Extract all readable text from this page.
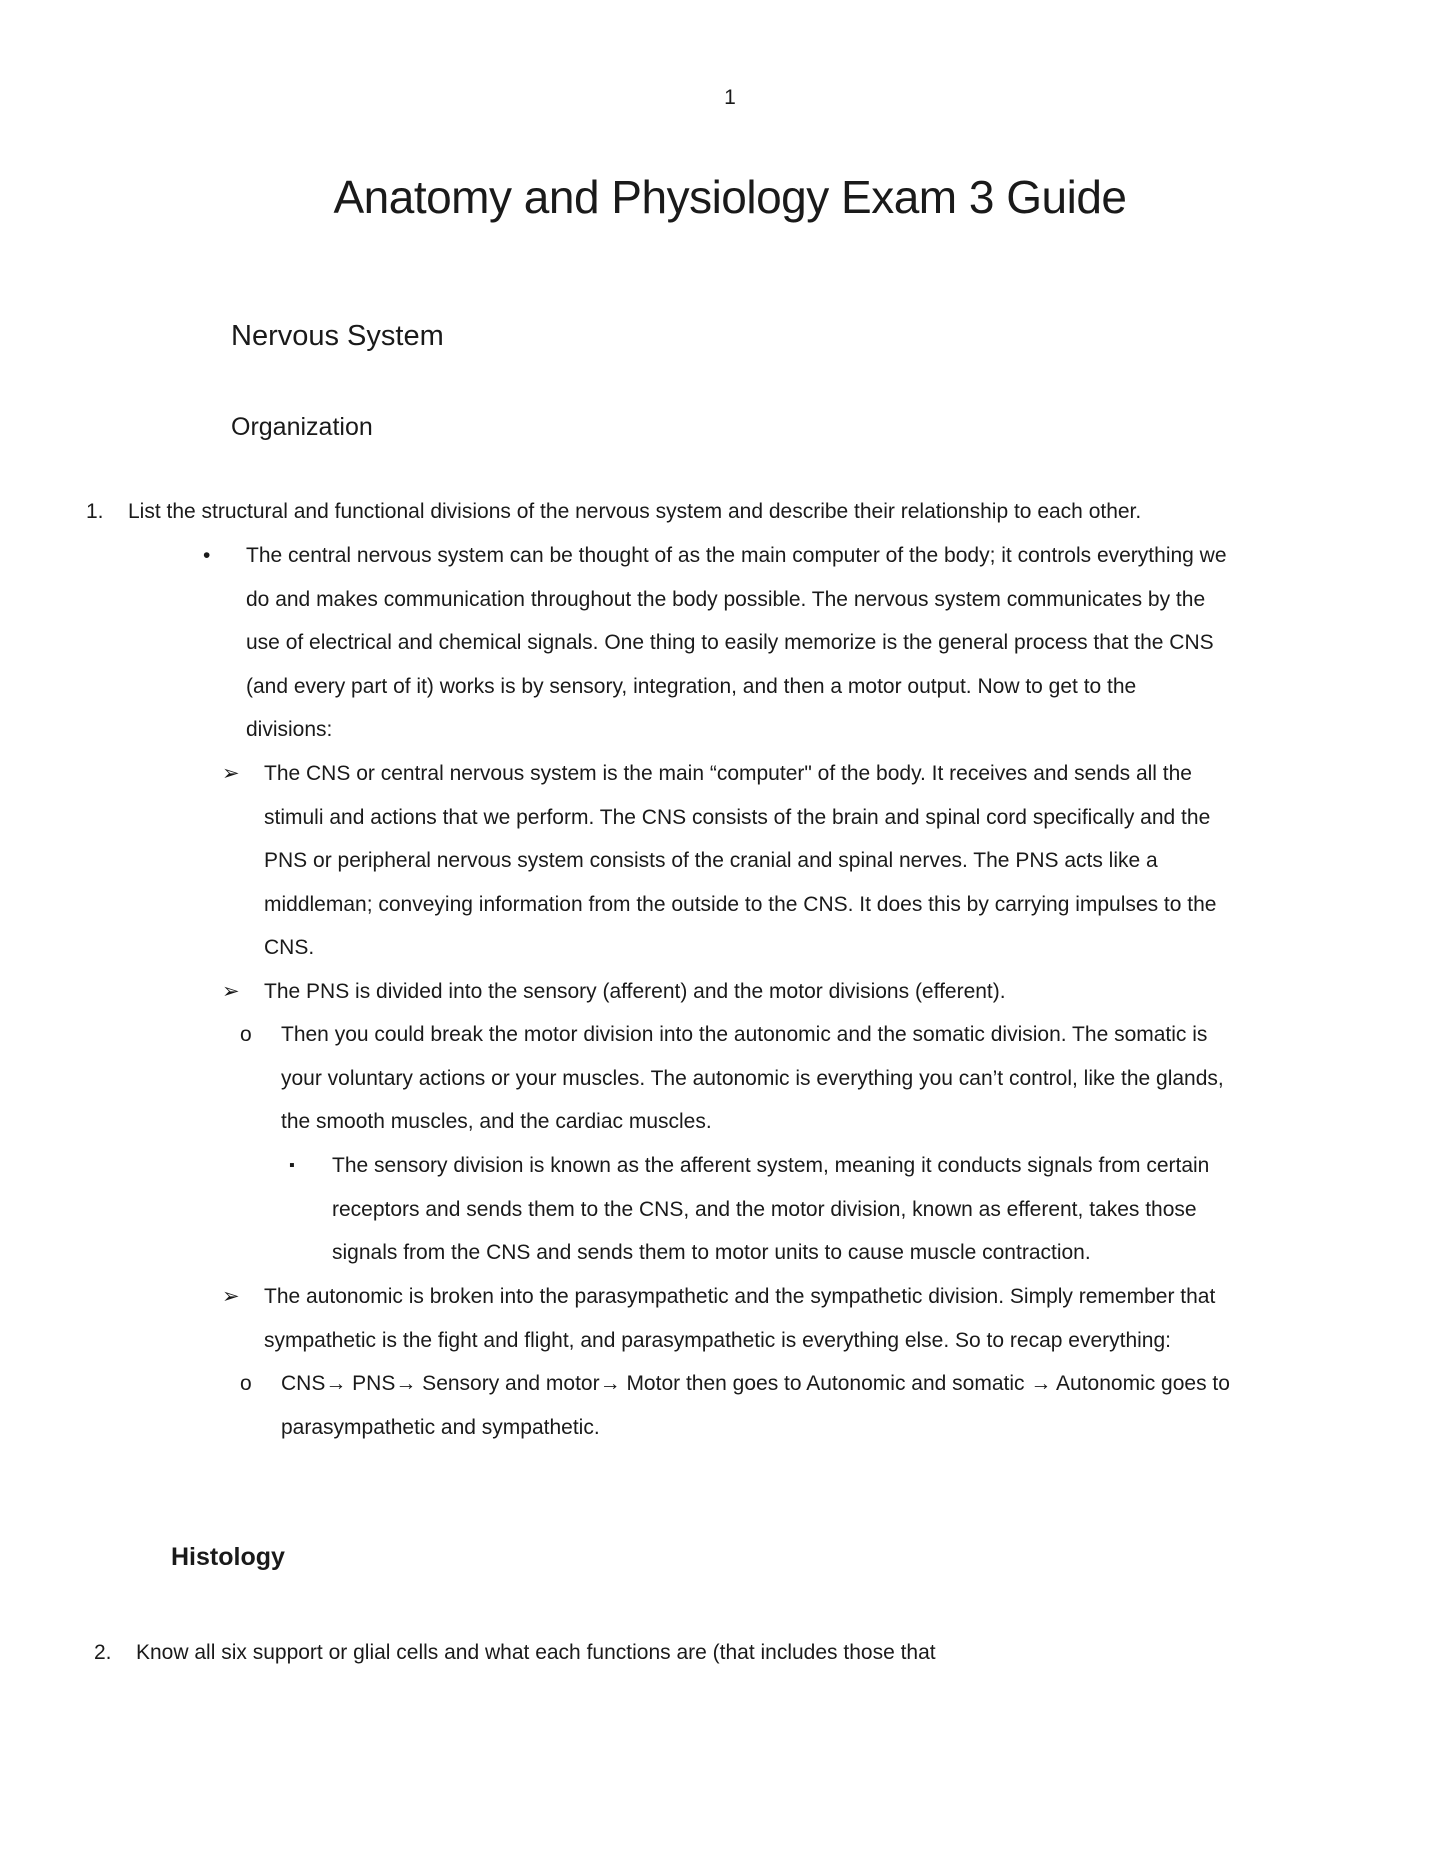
1
Anatomy and Physiology Exam 3 Guide
Nervous System
Organization
1. List the structural and functional divisions of the nervous system and describe their relationship to each other.
• The central nervous system can be thought of as the main computer of the body; it controls everything we
do and makes communication throughout the body possible. The nervous system communicates by the
use of electrical and chemical signals. One thing to easily memorize is the general process that the CNS
(and every part of it) works is by sensory, integration, and then a motor output. Now to get to the
divisions:
➢ The CNS or central nervous system is the main “computer" of the body. It receives and sends all the
stimuli and actions that we perform. The CNS consists of the brain and spinal cord specifically and the
PNS or peripheral nervous system consists of the cranial and spinal nerves. The PNS acts like a
middleman; conveying information from the outside to the CNS. It does this by carrying impulses to the
CNS.
➢ The PNS is divided into the sensory (afferent) and the motor divisions (efferent).
o Then you could break the motor division into the autonomic and the somatic division. The somatic is
your voluntary actions or your muscles. The autonomic is everything you can’t control, like the glands,
the smooth muscles, and the cardiac muscles.
▪ The sensory division is known as the afferent system, meaning it conducts signals from certain
receptors and sends them to the CNS, and the motor division, known as efferent, takes those
signals from the CNS and sends them to motor units to cause muscle contraction.
➢ The autonomic is broken into the parasympathetic and the sympathetic division. Simply remember that
sympathetic is the fight and flight, and parasympathetic is everything else. So to recap everything:
o CNS→ PNS→ Sensory and motor→ Motor then goes to Autonomic and somatic → Autonomic goes to
parasympathetic and sympathetic.
Histology
2. Know all six support or glial cells and what each functions are (that includes those that
